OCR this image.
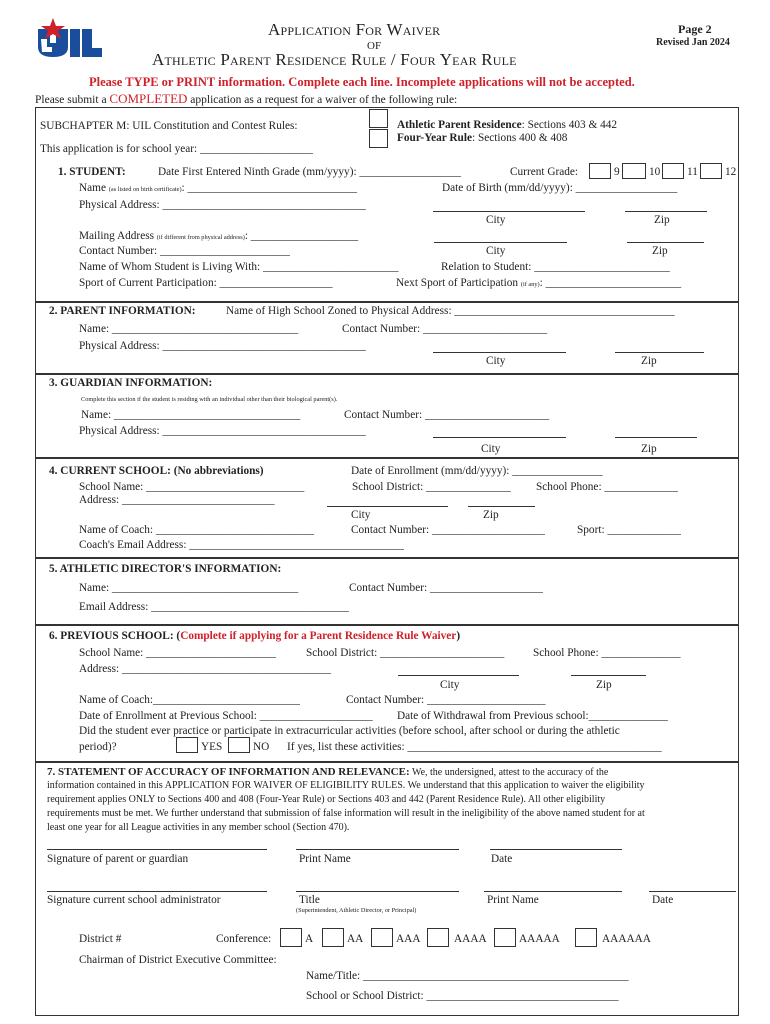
Application For Waiver
OF
Athletic Parent Residence Rule / Four Year Rule
Page 2
Revised Jan 2024
Please TYPE or PRINT information. Complete each line. Incomplete applications will not be accepted.
Please submit a COMPLETED application as a request for a waiver of the following rule:
SUBCHAPTER M: UIL Constitution and Contest Rules:	Athletic Parent Residence: Sections 403 & 442
Four-Year Rule: Sections 400 & 408
This application is for school year: ____________________
1. STUDENT:	Date First Entered Ninth Grade (mm/yyyy): __________________	Current Grade:	9	10 11 12
Name (as listed on birth certificate): ______________________________	Date of Birth (mm/dd/yyyy): __________________
Physical Address: ____________________________________
City	Zip
Mailing Address (if different from physical address): ___________________
City	Zip
Contact Number: _______________________
Name of Whom Student is Living With: ________________________	Relation to Student: ________________________
Sport of Current Participation: ____________________	Next Sport of Participation (if any): ________________________
2. PARENT INFORMATION:	Name of High School Zoned to Physical Address: _______________________________________
Name: _________________________________	Contact Number: ______________________
Physical Address: ____________________________________
City	Zip
3. GUARDIAN INFORMATION:
Complete this section if the student is residing with an individual other than their biological parent(s).
Name: _________________________________	Contact Number: ______________________
Physical Address: ____________________________________
City	Zip
4. CURRENT SCHOOL: (No abbreviations)	Date of Enrollment (mm/dd/yyyy): ________________
School Name: ____________________________	School District: _______________ School Phone: _____________
Address: ___________________________
City	Zip
Name of Coach: ____________________________	Contact Number: ____________________	Sport: _____________
Coach's Email Address: ______________________________________
5. ATHLETIC DIRECTOR'S INFORMATION:
Name: _________________________________	Contact Number: ____________________
Email Address: ___________________________________
6. PREVIOUS SCHOOL: (Complete if applying for a Parent Residence Rule Waiver)
School Name: _______________________	School District: ______________________	School Phone: ______________
Address: _____________________________________
City	Zip
Name of Coach:__________________________	Contact Number: _____________________
Date of Enrollment at Previous School: ____________________ Date of Withdrawal from Previous school:______________
Did the student ever practice or participate in extracurricular activities (before school, after school or during the athletic
period)?	YES	NO If yes, list these activities: _____________________________________________
7. STATEMENT OF ACCURACY OF INFORMATION AND RELEVANCE: We, the undersigned, attest to the accuracy of the
information contained in this APPLICATION FOR WAIVER OF ELIGIBILITY RULES. We understand that this application to waiver the eligibility
requirement applies ONLY to Sections 400 and 408 (Four-Year Rule) or Sections 403 and 442 (Parent Residence Rule). All other eligibility
requirements must be met. We further understand that submission of false information will result in the ineligibility of the above named student for at
least one year for all League activities in any member school (Section 470).
Signature of parent or guardian	Print Name	Date
Signature current school administrator	Title
(Superintendent, Athletic Director, or Principal)
Print Name	Date
District #	Conference:	A	AA	AAA	AAAA	AAAAA	AAAAAA
Chairman of District Executive Committee:
Name/Title: _______________________________________________
School or School District: __________________________________
